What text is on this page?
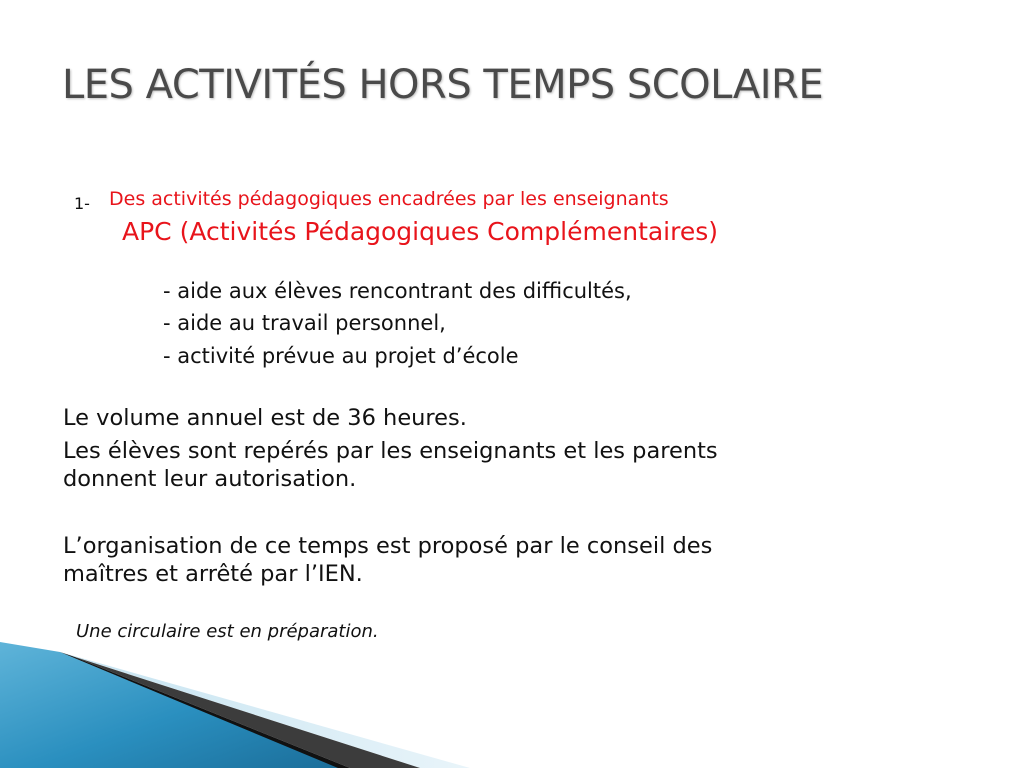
LES ACTIVITÉS HORS TEMPS SCOLAIRE
1- Des activités pédagogiques encadrées par les enseignants
APC (Activités Pédagogiques Complémentaires)
- aide aux élèves rencontrant des difficultés,
- aide au travail personnel,
- activité prévue au projet d’école
Le volume annuel est de 36 heures.
Les élèves sont repérés par les enseignants et les parents
donnent leur autorisation.
L’organisation de ce temps est proposé par le conseil des
maîtres et arrêté par l’IEN.
Une circulaire est en préparation.
